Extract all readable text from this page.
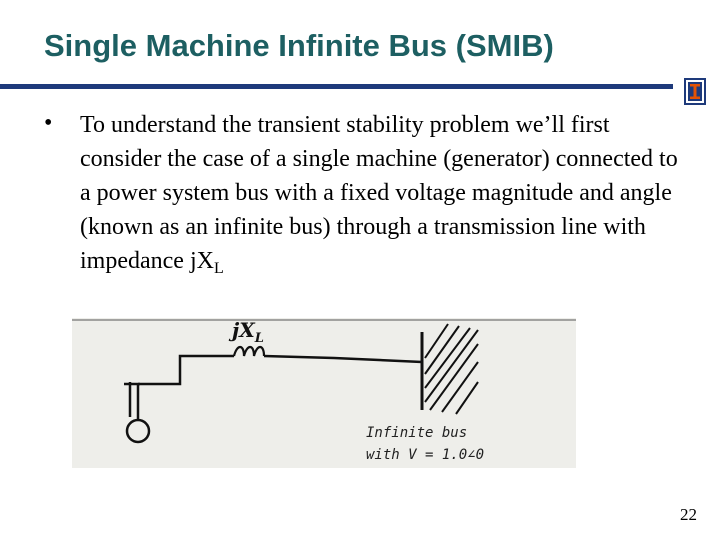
Single Machine Infinite Bus (SMIB)
• To understand the transient stability problem we’ll first consider the case of a single machine (generator) connected to a power system bus with a fixed voltage magnitude and angle (known as an infinite bus) through a transmission line with impedance $jX_L$

$jX_L$
Infinite bus
with V = 1.0∠0
22
